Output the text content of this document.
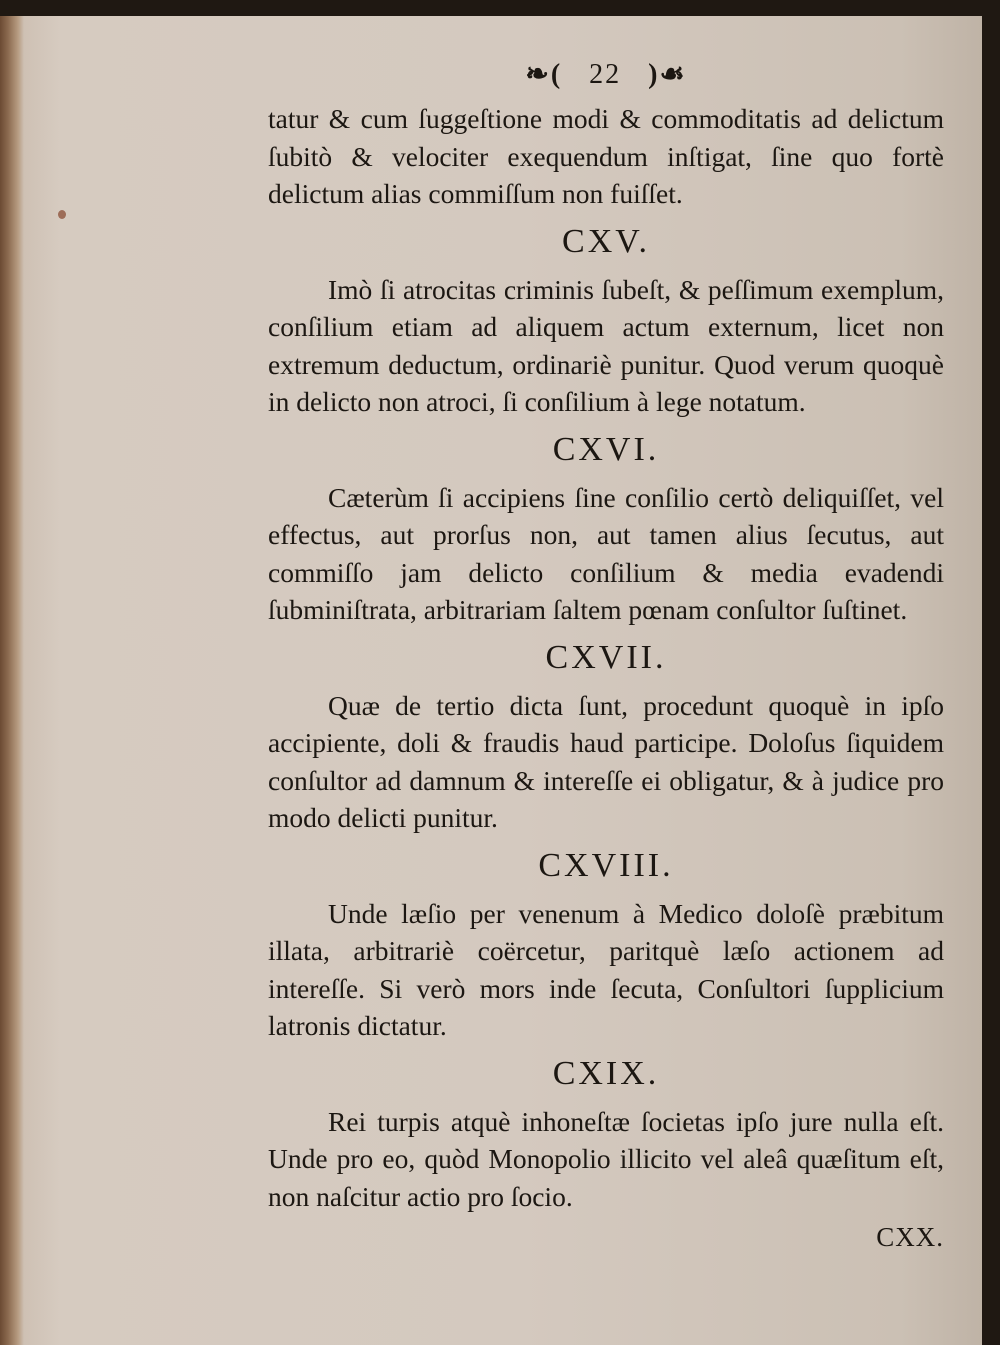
❧( 22 )☙

tatur & cum ſuggeſtione modi & commoditatis ad delictum ſubitò & velociter exequendum inſtigat, ſine quo fortè delictum alias commiſſum non fuiſſet.

CXV.

Imò ſi atrocitas criminis ſubeſt, & peſſimum exemplum, conſilium etiam ad aliquem actum externum, licet non extremum deductum, ordinariè punitur. Quod verum quoquè in delicto non atroci, ſi conſilium à lege notatum.

CXVI.

Cæterùm ſi accipiens ſine conſilio certò deliquiſſet, vel effectus, aut prorſus non, aut tamen alius ſecutus, aut commiſſo jam delicto conſilium & media evadendi ſubminiſtrata, arbitrariam ſaltem pœnam conſultor ſuſtinet.

CXVII.

Quæ de tertio dicta ſunt, procedunt quoquè in ipſo accipiente, doli & fraudis haud participe. Doloſus ſiquidem conſultor ad damnum & intereſſe ei obligatur, & à judice pro modo delicti punitur.

CXVIII.

Unde læſio per venenum à Medico doloſè præbitum illata, arbitrariè coërcetur, paritquè læſo actionem ad intereſſe. Si verò mors inde ſecuta, Conſultori ſupplicium latronis dictatur.

CXIX.

Rei turpis atquè inhoneſtæ ſocietas ipſo jure nulla eſt. Unde pro eo, quòd Monopolio illicito vel aleâ quæſitum eſt, non naſcitur actio pro ſocio.

CXX.
